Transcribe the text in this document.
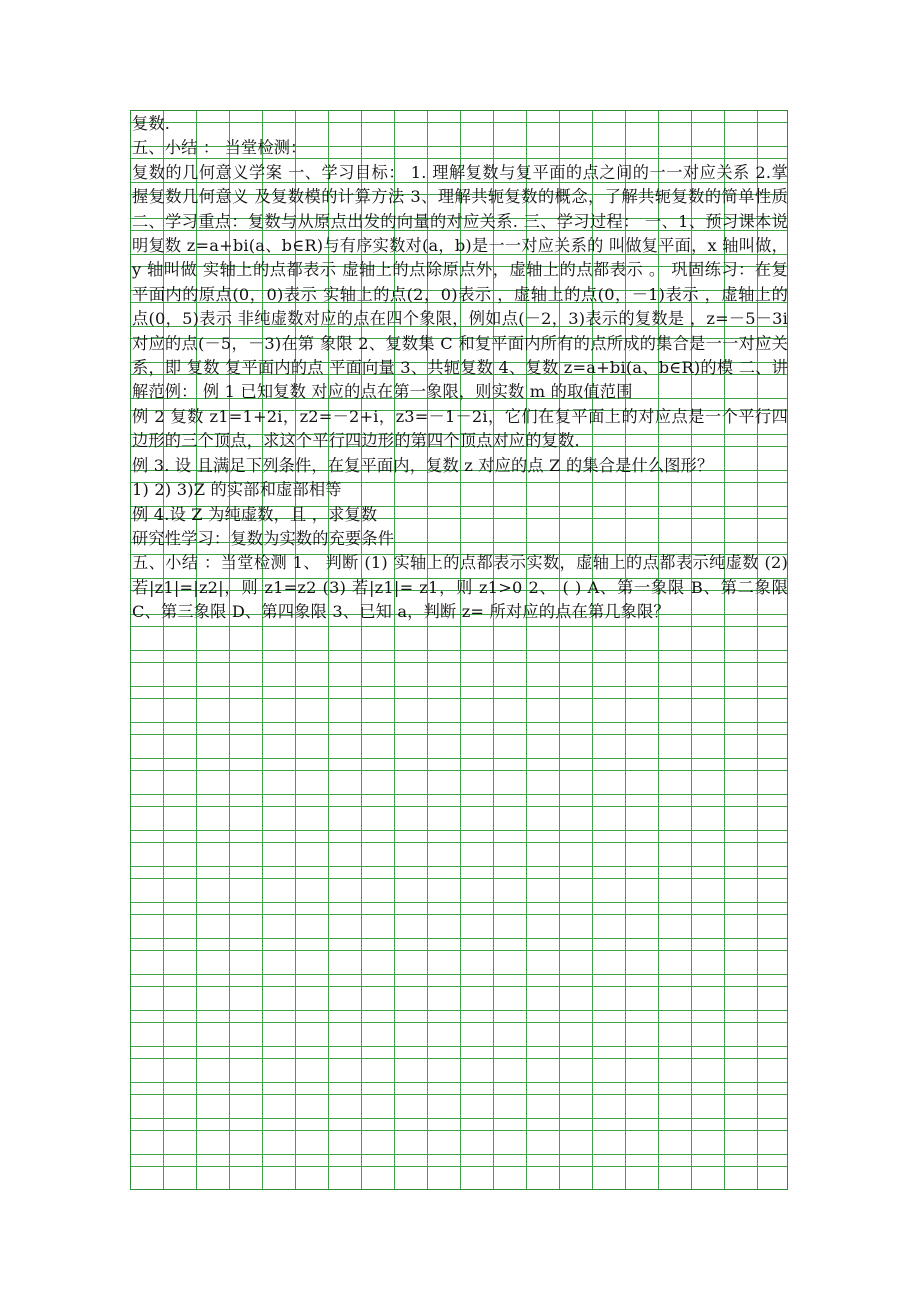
复数.

五、小结 ： 当堂检测：

复数的几何意义学案 一、学习目标： 1. 理解复数与复平面的点之间的一一对应关系 2.掌握复数几何意义 及复数模的计算方法 3、理解共轭复数的概念，了解共轭复数的简单性质 二、学习重点：复数与从原点出发的向量的对应关系. 三、学习过程： 一、1、预习课本说明复数 z=a+bi(a、b∈R)与有序实数对(a，b)是一一对应关系的 叫做复平面，x 轴叫做，y 轴叫做 实轴上的点都表示 虚轴上的点除原点外，虚轴上的点都表示 。 巩固练习：在复平面内的原点(0，0)表示 实轴上的点(2，0)表示 ，虚轴上的点(0，－1)表示 ，虚轴上的点(0，5)表示 非纯虚数对应的点在四个象限，例如点(－2，3)表示的复数是 ，z=－5－3i 对应的点(－5，－3)在第 象限 2、复数集 C 和复平面内所有的点所成的集合是一一对应关系，即 复数 复平面内的点 平面向量 3、共轭复数 4、复数 z=a+bi(a、b∈R)的模 二、讲解范例： 例 1 已知复数 对应的点在第一象限，则实数 m 的取值范围

例 2 复数 z1=1+2i，z2=－2+i，z3=－1－2i，它们在复平面上的对应点是一个平行四边形的三个顶点，求这个平行四边形的第四个顶点对应的复数.

例 3. 设 且满足下列条件，在复平面内，复数 z 对应的点 Z 的集合是什么图形？

1) 2) 3)Z 的实部和虚部相等

例 4.设 Z 为纯虚数，且 ，求复数

研究性学习：复数为实数的充要条件

五、小结 ：当堂检测 1、 判断 (1) 实轴上的点都表示实数，虚轴上的点都表示纯虚数 (2) 若|z1|=|z2|，则 z1=z2 (3) 若|z1|= z1，则 z1>0 2、 ( ) A、第一象限 B、第二象限 C、第三象限 D、第四象限 3、已知 a，判断 z= 所对应的点在第几象限？
